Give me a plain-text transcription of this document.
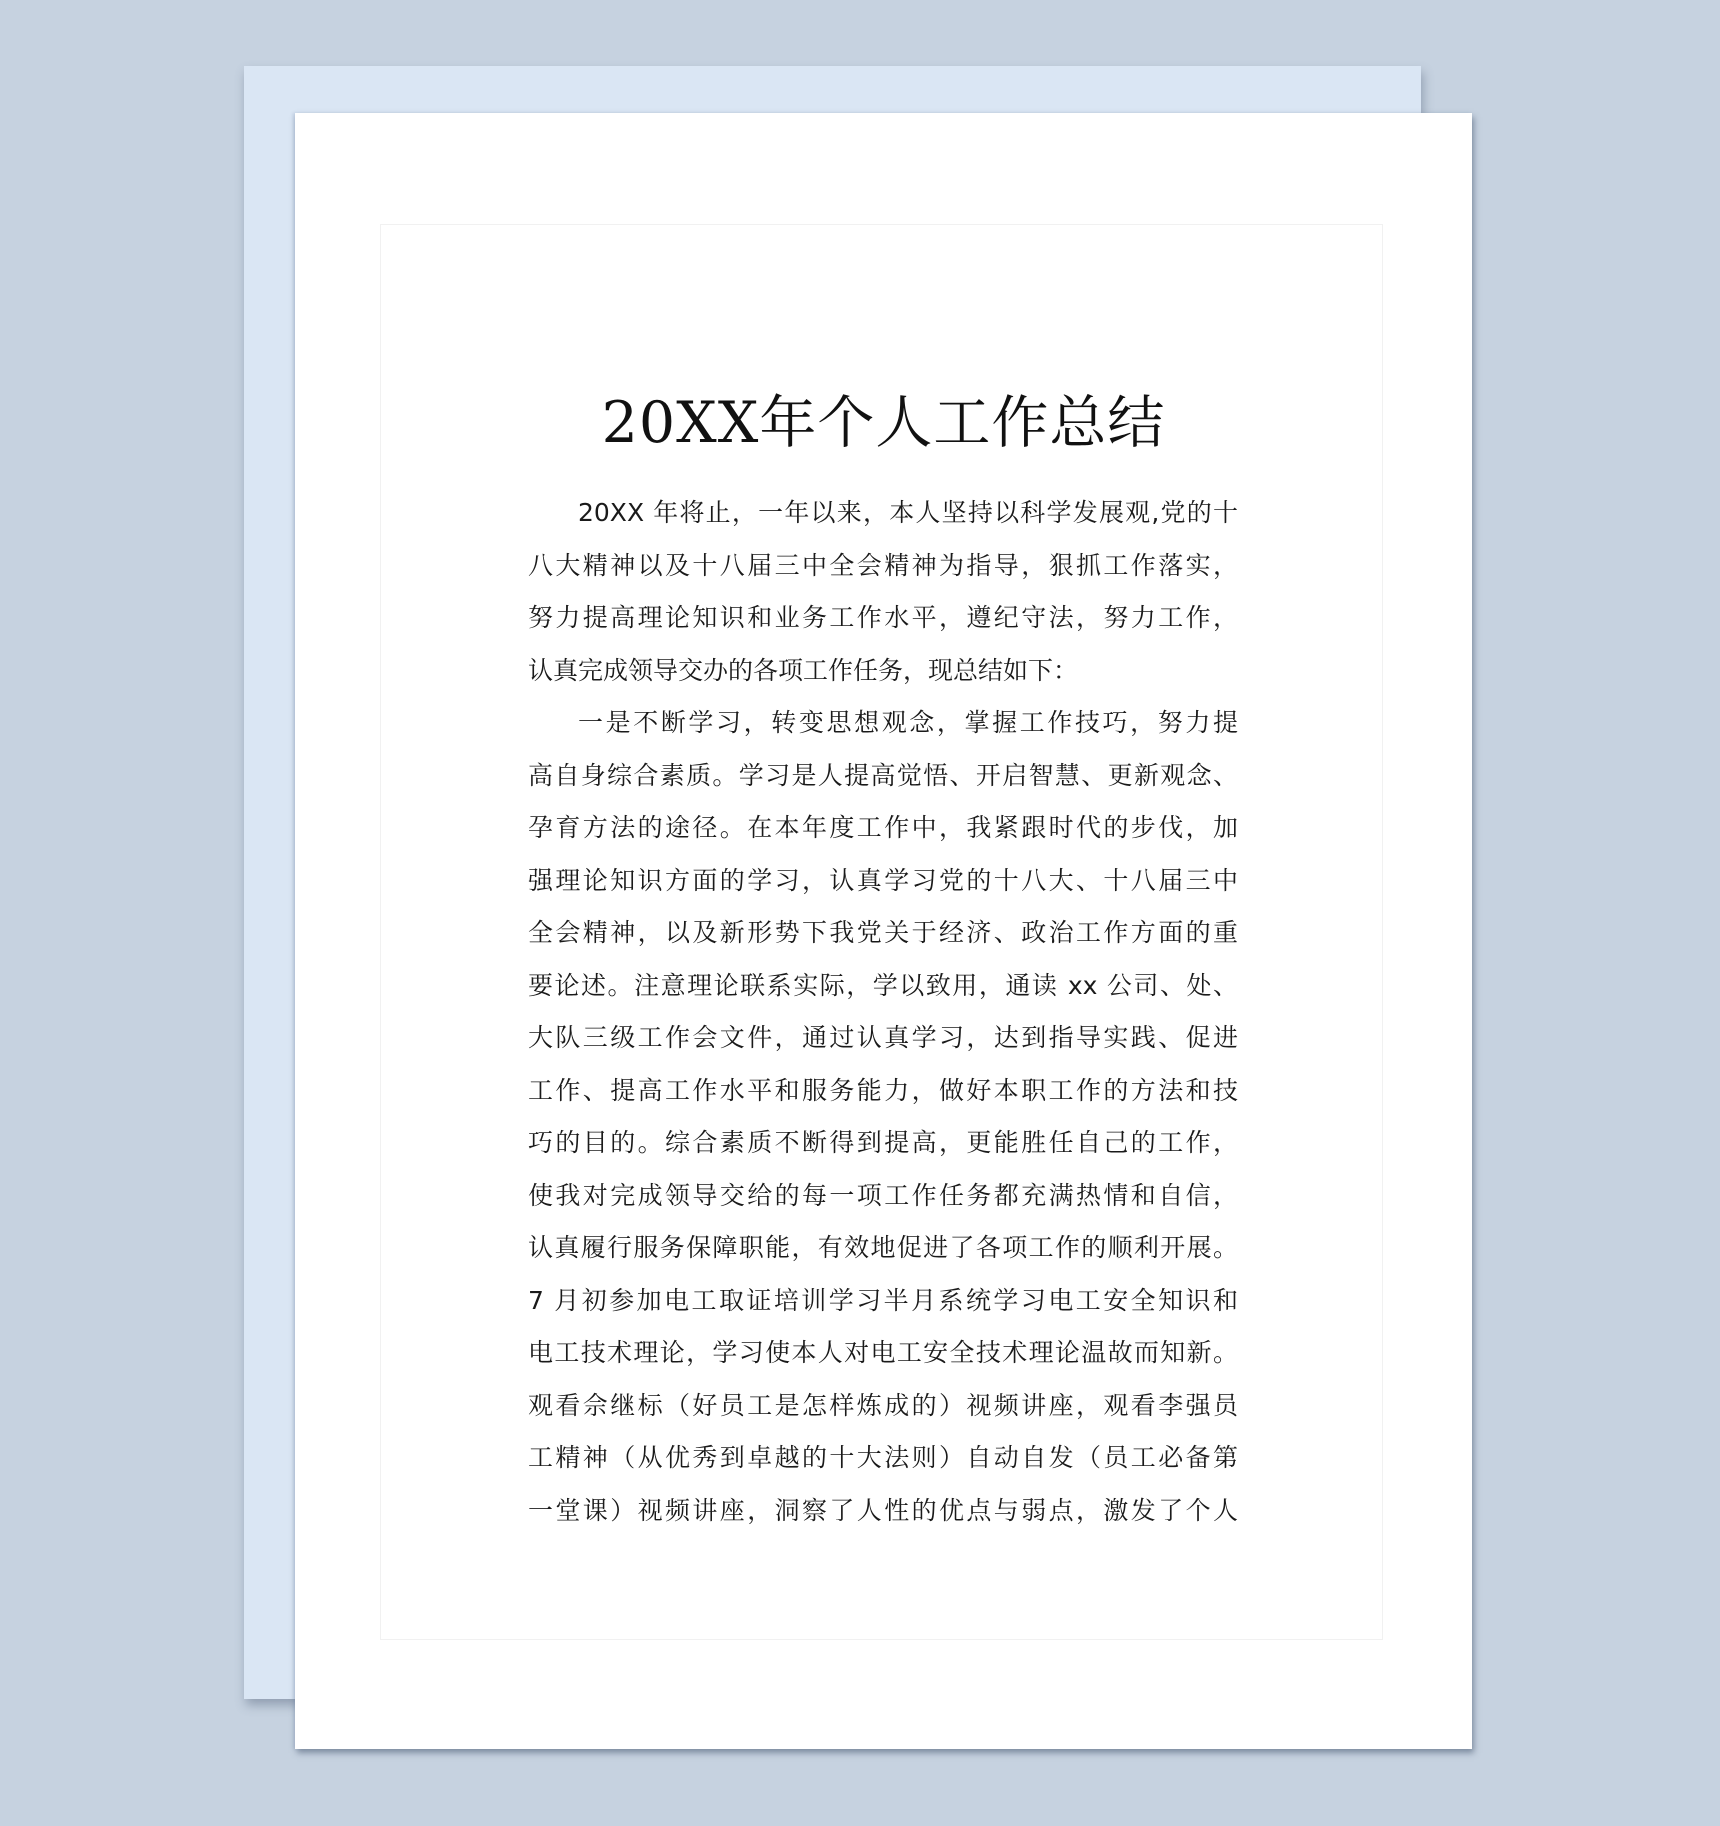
20XX年个人工作总结
20XX 年将止，一年以来，本人坚持以科学发展观,党的十
八大精神以及十八届三中全会精神为指导，狠抓工作落实，
努力提高理论知识和业务工作水平，遵纪守法，努力工作，
认真完成领导交办的各项工作任务，现总结如下：
一是不断学习，转变思想观念，掌握工作技巧，努力提
高自身综合素质。学习是人提高觉悟、开启智慧、更新观念、
孕育方法的途径。在本年度工作中，我紧跟时代的步伐，加
强理论知识方面的学习，认真学习党的十八大、十八届三中
全会精神，以及新形势下我党关于经济、政治工作方面的重
要论述。注意理论联系实际，学以致用，通读 xx 公司、处、
大队三级工作会文件，通过认真学习，达到指导实践、促进
工作、提高工作水平和服务能力，做好本职工作的方法和技
巧的目的。综合素质不断得到提高，更能胜任自己的工作，
使我对完成领导交给的每一项工作任务都充满热情和自信，
认真履行服务保障职能，有效地促进了各项工作的顺利开展。
7 月初参加电工取证培训学习半月系统学习电工安全知识和
电工技术理论，学习使本人对电工安全技术理论温故而知新。
观看佘继标（好员工是怎样炼成的）视频讲座，观看李强员
工精神（从优秀到卓越的十大法则）自动自发（员工必备第
一堂课）视频讲座，洞察了人性的优点与弱点，激发了个人
